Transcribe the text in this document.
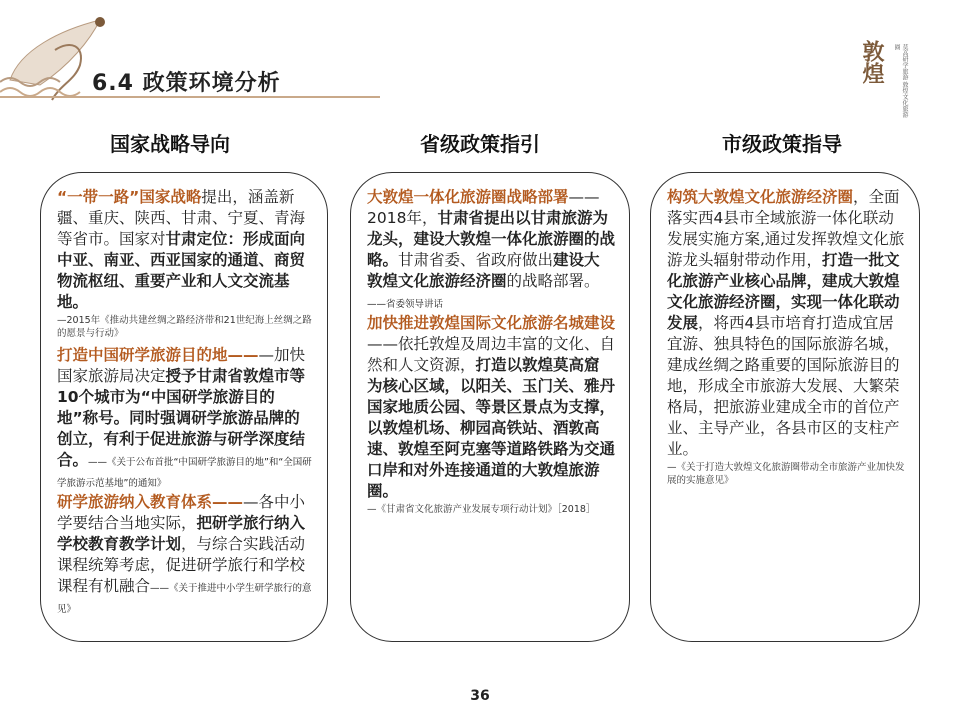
6.4 政策环境分析	敦煌	莫高研学旅游 敦煌文化旅游圈
国家战略导向	省级政策指引	市级政策指导

“一带一路”国家战略提出，涵盖新疆、重庆、陕西、甘肃、宁夏、青海等省市。国家对甘肃定位：形成面向中亚、南亚、西亚国家的通道、商贸物流枢纽、重要产业和人文交流基地。

—2015年《推动共建丝绸之路经济带和21世纪海上丝绸之路的愿景与行动》

打造中国研学旅游目的地———加快国家旅游局决定授予甘肃省敦煌市等10个城市为“中国研学旅游目的地”称号。同时强调研学旅游品牌的创立，有利于促进旅游与研学深度结合。——《关于公布首批“中国研学旅游目的地”和“全国研学旅游示范基地”的通知》

研学旅游纳入教育体系———各中小学要结合当地实际，把研学旅行纳入学校教育教学计划，与综合实践活动课程统筹考虑，促进研学旅行和学校课程有机融合——《关于推进中小学生研学旅行的意见》

大敦煌一体化旅游圈战略部署——2018年，甘肃省提出以甘肃旅游为龙头，建设大敦煌一体化旅游圈的战略。甘肃省委、省政府做出建设大敦煌文化旅游经济圈的战略部署。——省委领导讲话

加快推进敦煌国际文化旅游名城建设——依托敦煌及周边丰富的文化、自然和人文资源，打造以敦煌莫高窟为核心区域，以阳关、玉门关、雅丹国家地质公园、等景区景点为支撑，以敦煌机场、柳园高铁站、酒敦高速、敦煌至阿克塞等道路铁路为交通口岸和对外连接通道的大敦煌旅游圈。

—《甘肃省文化旅游产业发展专项行动计划》［2018］

构筑大敦煌文化旅游经济圈，全面落实西4县市全域旅游一体化联动发展实施方案,通过发挥敦煌文化旅游龙头辐射带动作用，打造一批文化旅游产业核心品牌，建成大敦煌文化旅游经济圈，实现一体化联动发展，将西4县市培育打造成宜居宜游、独具特色的国际旅游名城，建成丝绸之路重要的国际旅游目的地，形成全市旅游大发展、大繁荣格局，把旅游业建成全市的首位产业、主导产业，各县市区的支柱产业。

—《关于打造大敦煌文化旅游圈带动全市旅游产业加快发展的实施意见》
36
